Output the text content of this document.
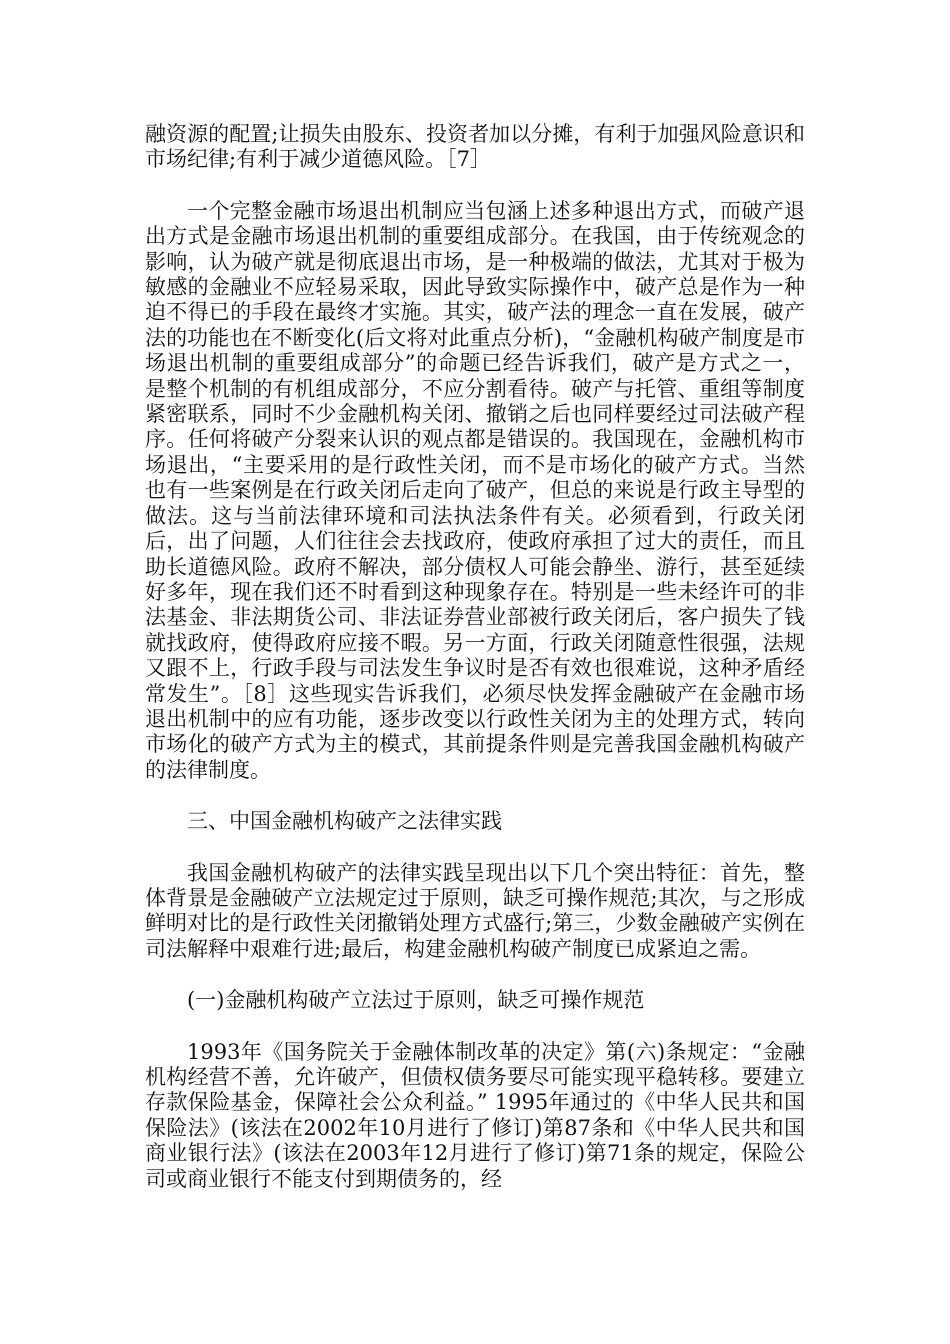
融资源的配置;让损失由股东、投资者加以分摊，有利于加强风险意识和市场纪律;有利于减少道德风险。［7］

一个完整金融市场退出机制应当包涵上述多种退出方式，而破产退出方式是金融市场退出机制的重要组成部分。在我国，由于传统观念的影响，认为破产就是彻底退出市场，是一种极端的做法，尤其对于极为敏感的金融业不应轻易采取，因此导致实际操作中，破产总是作为一种迫不得已的手段在最终才实施。其实，破产法的理念一直在发展，破产法的功能也在不断变化(后文将对此重点分析)，“金融机构破产制度是市场退出机制的重要组成部分”的命题已经告诉我们，破产是方式之一，是整个机制的有机组成部分，不应分割看待。破产与托管、重组等制度紧密联系，同时不少金融机构关闭、撤销之后也同样要经过司法破产程序。任何将破产分裂来认识的观点都是错误的。我国现在，金融机构市场退出，“主要采用的是行政性关闭，而不是市场化的破产方式。当然也有一些案例是在行政关闭后走向了破产，但总的来说是行政主导型的做法。这与当前法律环境和司法执法条件有关。必须看到，行政关闭后，出了问题，人们往往会去找政府，使政府承担了过大的责任，而且助长道德风险。政府不解决，部分债权人可能会静坐、游行，甚至延续好多年，现在我们还不时看到这种现象存在。特别是一些未经许可的非法基金、非法期货公司、非法证券营业部被行政关闭后，客户损失了钱就找政府，使得政府应接不暇。另一方面，行政关闭随意性很强，法规又跟不上，行政手段与司法发生争议时是否有效也很难说，这种矛盾经常发生”。［8］这些现实告诉我们，必须尽快发挥金融破产在金融市场退出机制中的应有功能，逐步改变以行政性关闭为主的处理方式，转向市场化的破产方式为主的模式，其前提条件则是完善我国金融机构破产的法律制度。

三、中国金融机构破产之法律实践

我国金融机构破产的法律实践呈现出以下几个突出特征：首先，整体背景是金融破产立法规定过于原则，缺乏可操作规范;其次，与之形成鲜明对比的是行政性关闭撤销处理方式盛行;第三，少数金融破产实例在司法解释中艰难行进;最后，构建金融机构破产制度已成紧迫之需。

(一)金融机构破产立法过于原则，缺乏可操作规范

1993年《国务院关于金融体制改革的决定》第(六)条规定：“金融机构经营不善，允许破产，但债权债务要尽可能实现平稳转移。要建立存款保险基金，保障社会公众利益。” 1995年通过的《中华人民共和国保险法》(该法在2002年10月进行了修订)第87条和《中华人民共和国商业银行法》(该法在2003年12月进行了修订)第71条的规定，保险公司或商业银行不能支付到期债务的，经
